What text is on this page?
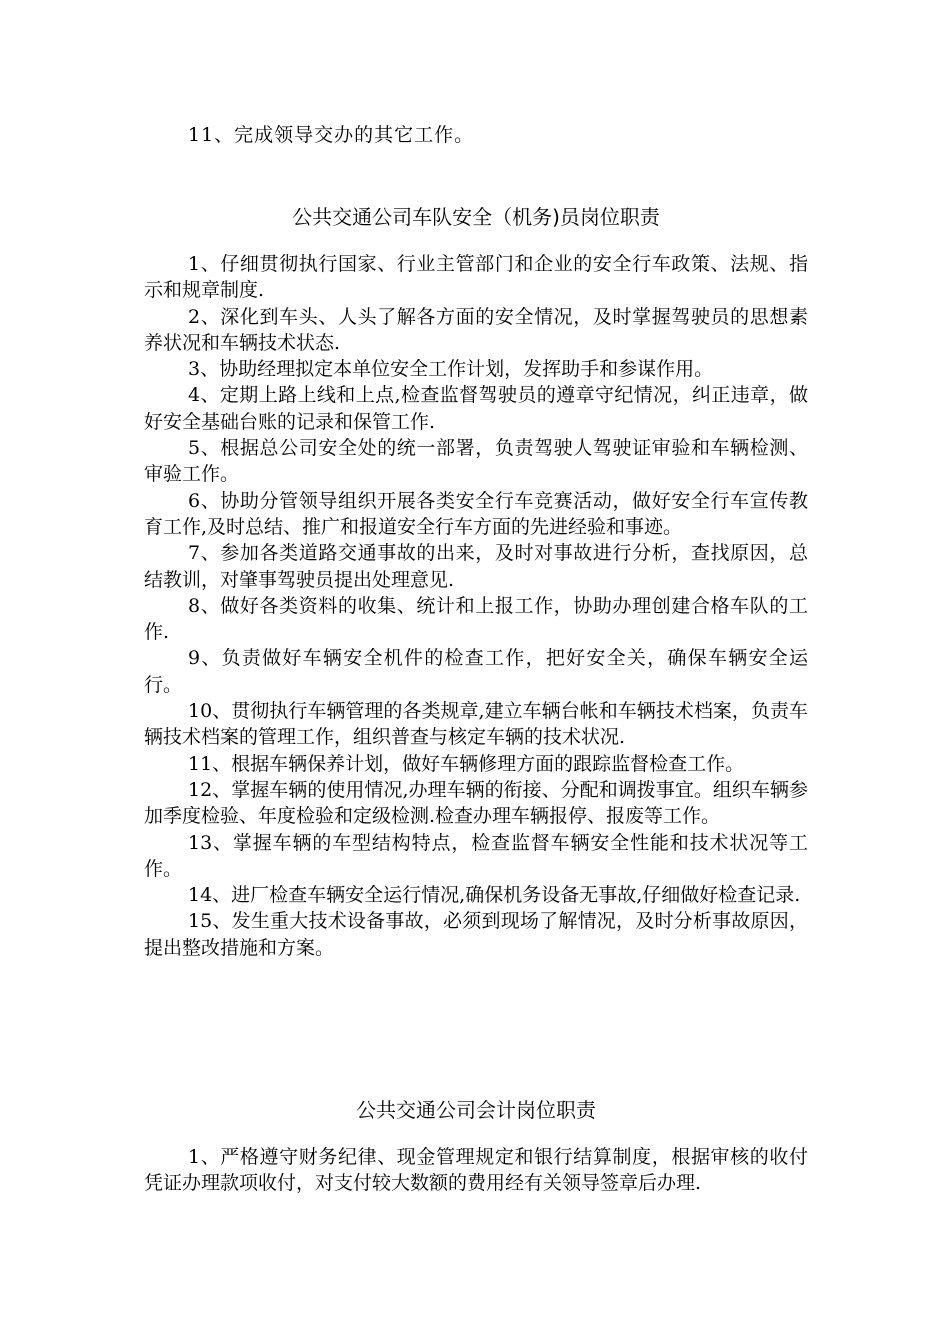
11、完成领导交办的其它工作。

公共交通公司车队安全（机务)员岗位职责
1、仔细贯彻执行国家、行业主管部门和企业的安全行车政策、法规、指示和规章制度.
2、深化到车头、人头了解各方面的安全情况，及时掌握驾驶员的思想素养状况和车辆技术状态.
3、协助经理拟定本单位安全工作计划，发挥助手和参谋作用。
4、定期上路上线和上点,检查监督驾驶员的遵章守纪情况，纠正违章，做好安全基础台账的记录和保管工作.
5、根据总公司安全处的统一部署，负责驾驶人驾驶证审验和车辆检测、审验工作。
6、协助分管领导组织开展各类安全行车竞赛活动，做好安全行车宣传教育工作,及时总结、推广和报道安全行车方面的先进经验和事迹。
7、参加各类道路交通事故的出来，及时对事故进行分析，查找原因，总结教训，对肇事驾驶员提出处理意见.
8、做好各类资料的收集、统计和上报工作，协助办理创建合格车队的工作.
9、负责做好车辆安全机件的检查工作，把好安全关，确保车辆安全运行。
10、贯彻执行车辆管理的各类规章,建立车辆台帐和车辆技术档案，负责车辆技术档案的管理工作，组织普查与核定车辆的技术状况.
11、根据车辆保养计划，做好车辆修理方面的跟踪监督检查工作。
12、掌握车辆的使用情况,办理车辆的衔接、分配和调拨事宜。组织车辆参加季度检验、年度检验和定级检测.检查办理车辆报停、报废等工作。
13、掌握车辆的车型结构特点，检查监督车辆安全性能和技术状况等工作。
14、进厂检查车辆安全运行情况,确保机务设备无事故,仔细做好检查记录.
15、发生重大技术设备事故，必须到现场了解情况，及时分析事故原因，提出整改措施和方案。
公共交通公司会计岗位职责
1、严格遵守财务纪律、现金管理规定和银行结算制度，根据审核的收付凭证办理款项收付，对支付较大数额的费用经有关领导签章后办理.
